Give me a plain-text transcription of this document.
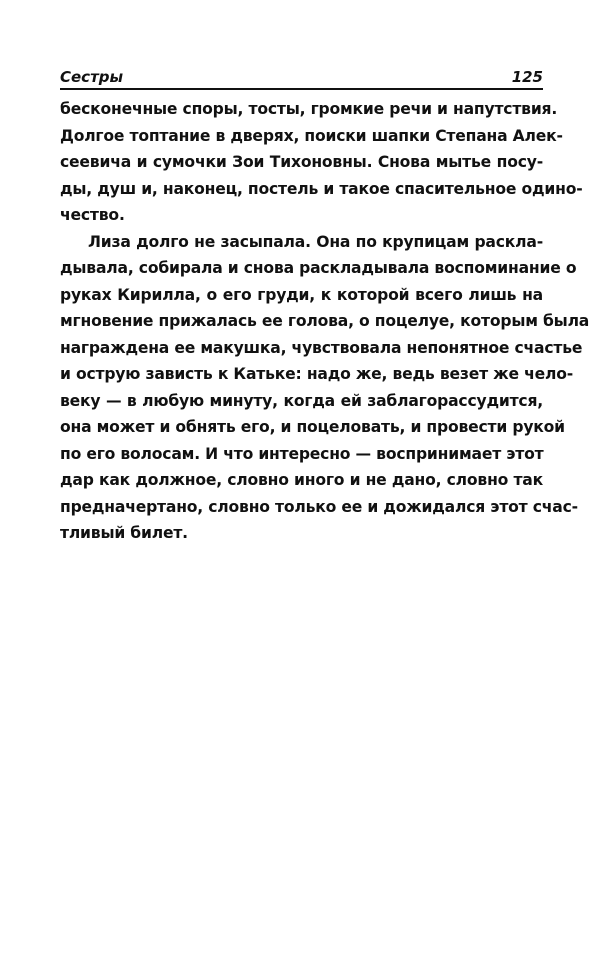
Сестры	125
бесконечные споры, тосты, громкие речи и напутствия.
Долгое топтание в дверях, поиски шапки Степана Алек-
сеевича и сумочки Зои Тихоновны. Снова мытье посу-
ды, душ и, наконец, постель и такое спасительное одино-
чество.
Лиза долго не засыпала. Она по крупицам раскла-
дывала, собирала и снова раскладывала воспоминание о
руках Кирилла, о его груди, к которой всего лишь на
мгновение прижалась ее голова, о поцелуе, которым была
награждена ее макушка, чувствовала непонятное счастье
и острую зависть к Катьке: надо же, ведь везет же чело-
веку — в любую минуту, когда ей заблагорассудится,
она может и обнять его, и поцеловать, и провести рукой
по его волосам. И что интересно — воспринимает этот
дар как должное, словно иного и не дано, словно так
предначертано, словно только ее и дожидался этот счас-
тливый билет.
